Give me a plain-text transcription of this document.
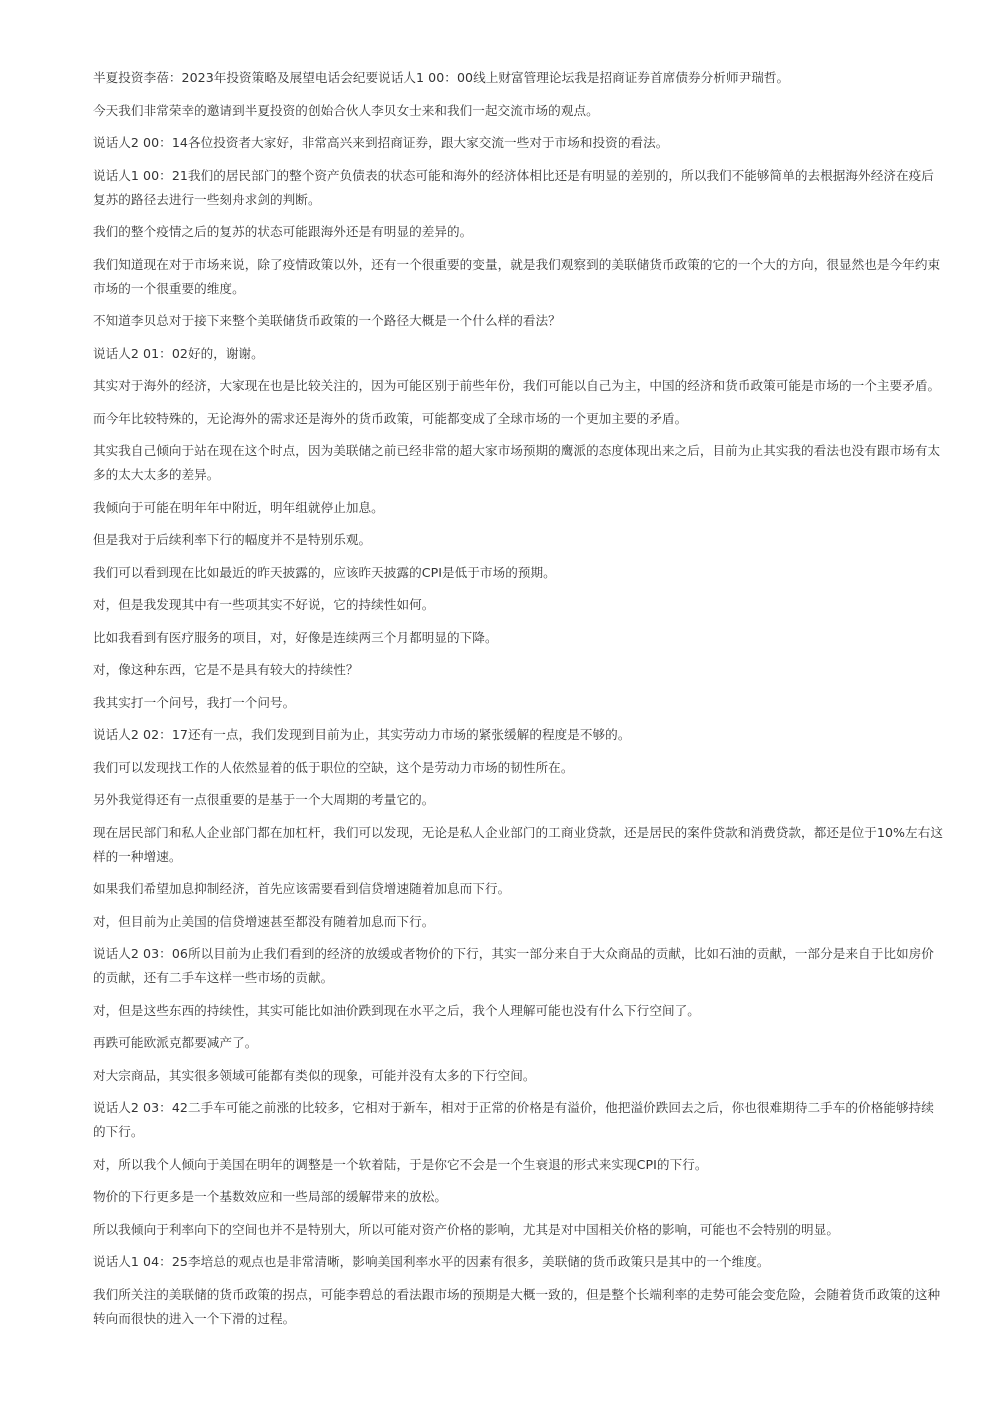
半夏投资李蓓：2023年投资策略及展望电话会纪要说话人1 00：00线上财富管理论坛我是招商证券首席债券分析师尹瑞哲。

今天我们非常荣幸的邀请到半夏投资的创始合伙人李贝女士来和我们一起交流市场的观点。

说话人2 00：14各位投资者大家好，非常高兴来到招商证券，跟大家交流一些对于市场和投资的看法。

说话人1 00：21我们的居民部门的整个资产负债表的状态可能和海外的经济体相比还是有明显的差别的，所以我们不能够简单的去根据海外经济在疫后复苏的路径去进行一些刻舟求剑的判断。

我们的整个疫情之后的复苏的状态可能跟海外还是有明显的差异的。

我们知道现在对于市场来说，除了疫情政策以外，还有一个很重要的变量，就是我们观察到的美联储货币政策的它的一个大的方向，很显然也是今年约束市场的一个很重要的维度。

不知道李贝总对于接下来整个美联储货币政策的一个路径大概是一个什么样的看法？

说话人2 01：02好的，谢谢。

其实对于海外的经济，大家现在也是比较关注的，因为可能区别于前些年份，我们可能以自己为主，中国的经济和货币政策可能是市场的一个主要矛盾。

而今年比较特殊的，无论海外的需求还是海外的货币政策，可能都变成了全球市场的一个更加主要的矛盾。

其实我自己倾向于站在现在这个时点，因为美联储之前已经非常的超大家市场预期的鹰派的态度体现出来之后，目前为止其实我的看法也没有跟市场有太多的太大太多的差异。

我倾向于可能在明年年中附近，明年组就停止加息。

但是我对于后续利率下行的幅度并不是特别乐观。

我们可以看到现在比如最近的昨天披露的，应该昨天披露的CPI是低于市场的预期。

对，但是我发现其中有一些项其实不好说，它的持续性如何。

比如我看到有医疗服务的项目，对，好像是连续两三个月都明显的下降。

对，像这种东西，它是不是具有较大的持续性？

我其实打一个问号，我打一个问号。

说话人2 02：17还有一点，我们发现到目前为止，其实劳动力市场的紧张缓解的程度是不够的。

我们可以发现找工作的人依然显着的低于职位的空缺，这个是劳动力市场的韧性所在。

另外我觉得还有一点很重要的是基于一个大周期的考量它的。

现在居民部门和私人企业部门都在加杠杆，我们可以发现，无论是私人企业部门的工商业贷款，还是居民的案件贷款和消费贷款，都还是位于10%左右这样的一种增速。

如果我们希望加息抑制经济，首先应该需要看到信贷增速随着加息而下行。

对，但目前为止美国的信贷增速甚至都没有随着加息而下行。

说话人2 03：06所以目前为止我们看到的经济的放缓或者物价的下行，其实一部分来自于大众商品的贡献，比如石油的贡献，一部分是来自于比如房价的贡献，还有二手车这样一些市场的贡献。

对，但是这些东西的持续性，其实可能比如油价跌到现在水平之后，我个人理解可能也没有什么下行空间了。

再跌可能欧派克都要减产了。

对大宗商品，其实很多领域可能都有类似的现象，可能并没有太多的下行空间。

说话人2 03：42二手车可能之前涨的比较多，它相对于新车，相对于正常的价格是有溢价，他把溢价跌回去之后，你也很难期待二手车的价格能够持续的下行。

对，所以我个人倾向于美国在明年的调整是一个软着陆，于是你它不会是一个生衰退的形式来实现CPI的下行。

物价的下行更多是一个基数效应和一些局部的缓解带来的放松。

所以我倾向于利率向下的空间也并不是特别大，所以可能对资产价格的影响，尤其是对中国相关价格的影响，可能也不会特别的明显。

说话人1 04：25李培总的观点也是非常清晰，影响美国利率水平的因素有很多，美联储的货币政策只是其中的一个维度。

我们所关注的美联储的货币政策的拐点，可能李碧总的看法跟市场的预期是大概一致的，但是整个长端利率的走势可能会变危险，会随着货币政策的这种转向而很快的进入一个下滑的过程。
